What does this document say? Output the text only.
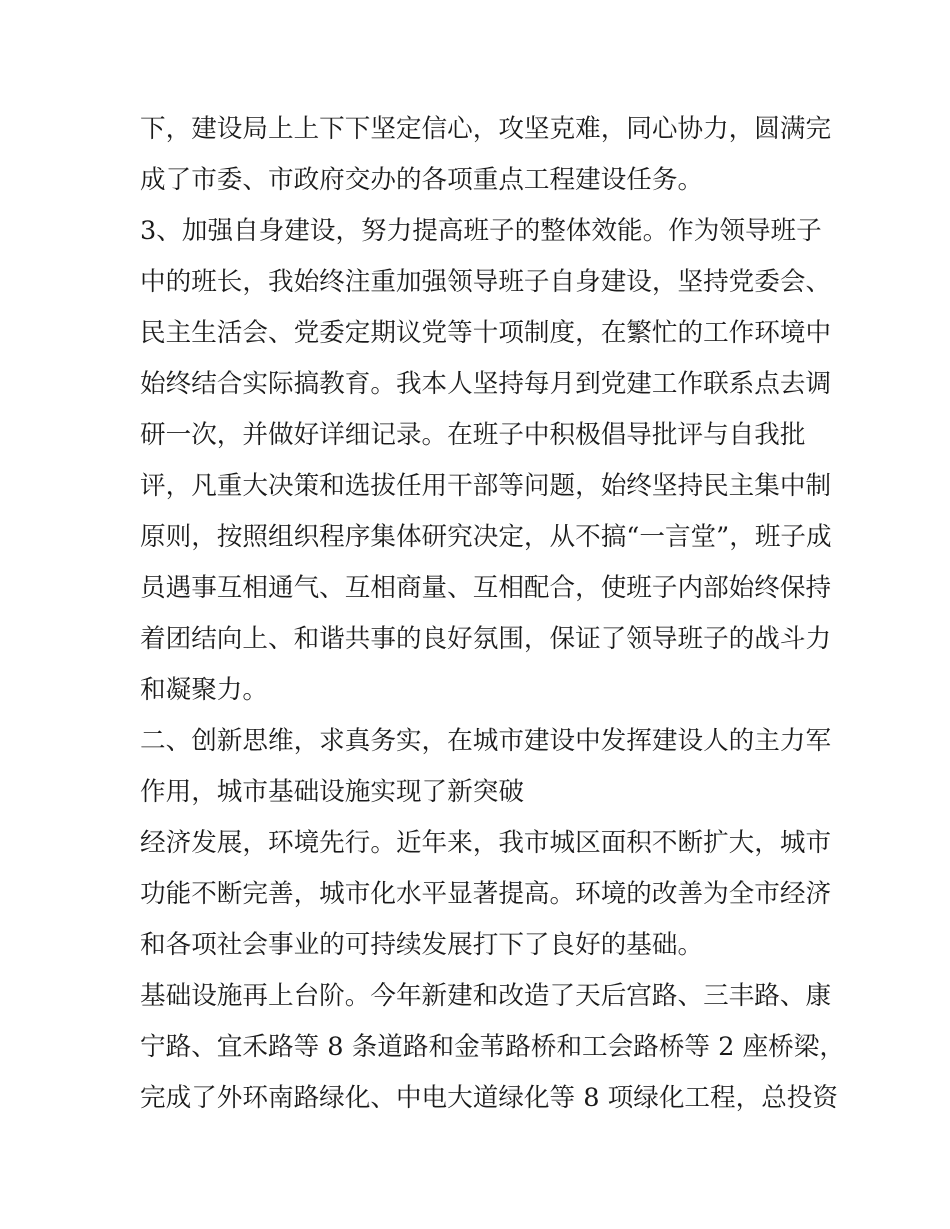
下，建设局上上下下坚定信心，攻坚克难，同心协力，圆满完
成了市委、市政府交办的各项重点工程建设任务。
3、加强自身建设，努力提高班子的整体效能。作为领导班子
中的班长，我始终注重加强领导班子自身建设，坚持党委会、
民主生活会、党委定期议党等十项制度，在繁忙的工作环境中
始终结合实际搞教育。我本人坚持每月到党建工作联系点去调
研一次，并做好详细记录。在班子中积极倡导批评与自我批
评，凡重大决策和选拔任用干部等问题，始终坚持民主集中制
原则，按照组织程序集体研究决定，从不搞“一言堂”，班子成
员遇事互相通气、互相商量、互相配合，使班子内部始终保持
着团结向上、和谐共事的良好氛围，保证了领导班子的战斗力
和凝聚力。
二、创新思维，求真务实，在城市建设中发挥建设人的主力军
作用，城市基础设施实现了新突破
经济发展，环境先行。近年来，我市城区面积不断扩大，城市
功能不断完善，城市化水平显著提高。环境的改善为全市经济
和各项社会事业的可持续发展打下了良好的基础。
基础设施再上台阶。今年新建和改造了天后宫路、三丰路、康
宁路、宜禾路等 8 条道路和金苇路桥和工会路桥等 2 座桥梁，
完成了外环南路绿化、中电大道绿化等 8 项绿化工程，总投资
